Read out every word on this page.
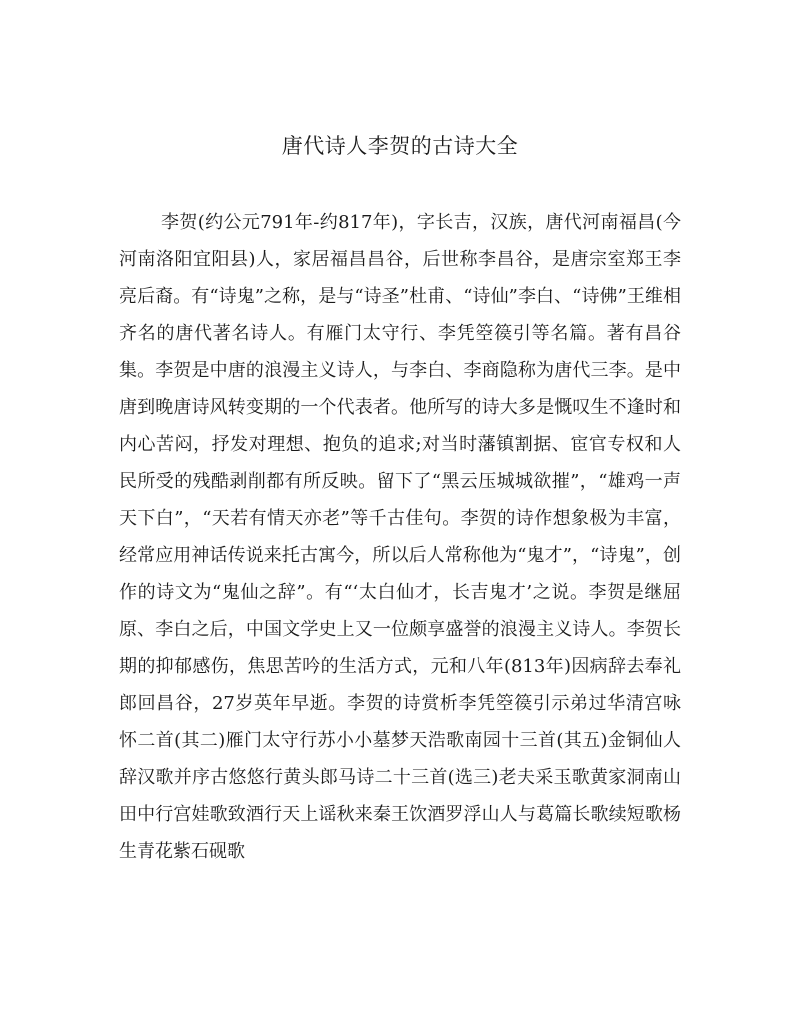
唐代诗人李贺的古诗大全

李贺(约公元791年-约817年)，字长吉，汉族，唐代河南福昌(今河南洛阳宜阳县)人，家居福昌昌谷，后世称李昌谷，是唐宗室郑王李亮后裔。有“诗鬼”之称，是与“诗圣”杜甫、“诗仙”李白、“诗佛”王维相齐名的唐代著名诗人。有雁门太守行、李凭箜篌引等名篇。著有昌谷集。李贺是中唐的浪漫主义诗人，与李白、李商隐称为唐代三李。是中唐到晚唐诗风转变期的一个代表者。他所写的诗大多是慨叹生不逢时和内心苦闷，抒发对理想、抱负的追求;对当时藩镇割据、宦官专权和人民所受的残酷剥削都有所反映。留下了“黑云压城城欲摧”，“雄鸡一声天下白”，“天若有情天亦老”等千古佳句。李贺的诗作想象极为丰富，经常应用神话传说来托古寓今，所以后人常称他为“鬼才”，“诗鬼”，创作的诗文为“鬼仙之辞”。有“‘太白仙才，长吉鬼才’之说。李贺是继屈原、李白之后，中国文学史上又一位颇享盛誉的浪漫主义诗人。李贺长期的抑郁感伤，焦思苦吟的生活方式，元和八年(813年)因病辞去奉礼郎回昌谷，27岁英年早逝。李贺的诗赏析李凭箜篌引示弟过华清宫咏怀二首(其二)雁门太守行苏小小墓梦天浩歌南园十三首(其五)金铜仙人辞汉歌并序古悠悠行黄头郎马诗二十三首(选三)老夫采玉歌黄家洞南山田中行宫娃歌致酒行天上谣秋来秦王饮酒罗浮山人与葛篇长歌续短歌杨生青花紫石砚歌
